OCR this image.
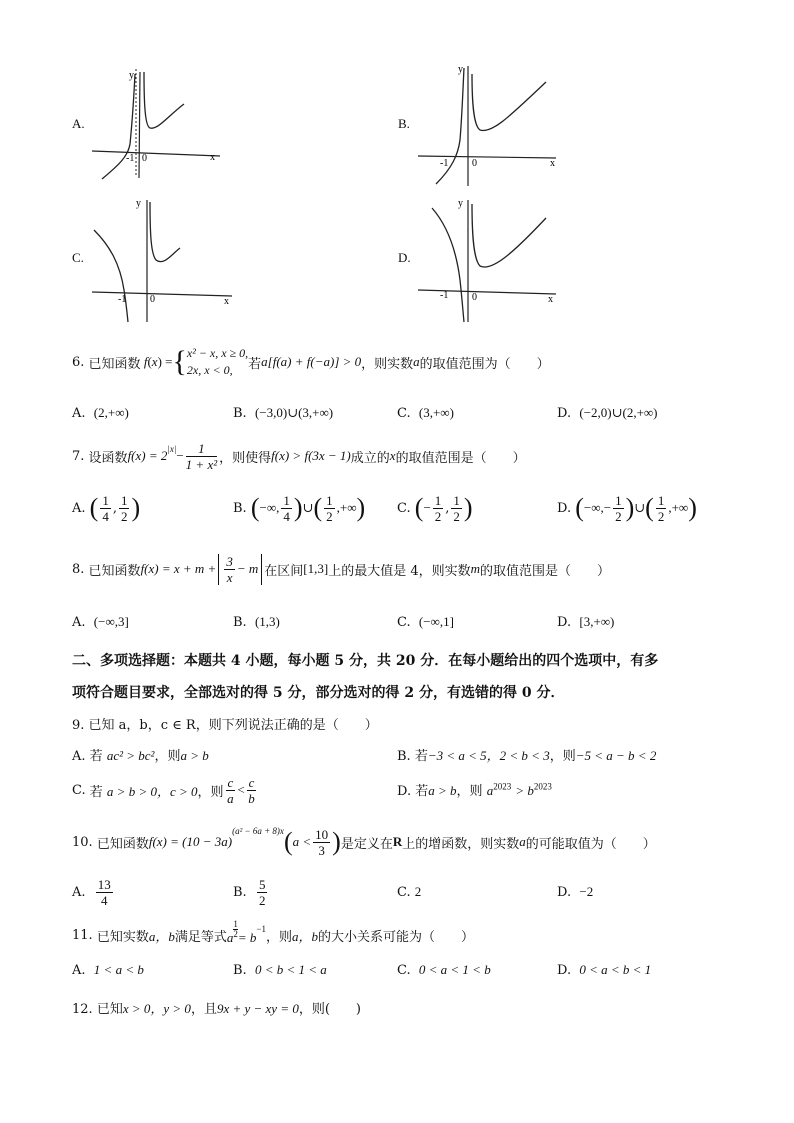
A.
y
x
-1 0
B.
y
x
-1 0
C.
y
x
-1 0
D.
y
x
-1 0
6.
已知函数 f ( x ) = { x² − x, x ≥ 0,
2x, x < 0,	若 a[f(a) + f(−a)] > 0 ，则实数 a 的取值范围为（　　）
A. (2,+∞)	B. (−3,0)∪(3,+∞)	C. (3,+∞)	D. (−2,0)∪(2,+∞)
7.
设函数 $f(x) = 2^{|x|} - \frac{1}{\text{1 + x²}}$ ，则使得 f(x) > f(3x − 1) 成立的 x 的取值范围是（　　）
A.
( $\frac{1}{4}$ , $\frac{1}{2}$ )	B.
( −∞, $\frac{1}{4}$ ) ∪ ( $\frac{1}{2}$ ,+∞ ) C.
( − $\frac{1}{2}$ , $\frac{1}{2}$ )	D.
( −∞,− $\frac{1}{2}$ ) ∪ ( $\frac{1}{2}$ ,+∞ )
8.
已知函数 $f(x) = x + m + \frac{3}{x} - m$ 在区间 [1,3] 上的最大值是 4，则实数 m 的取值范围是（　　）
A. (−∞,3]	B. (1,3)	C. (−∞,1]	D. [3,+∞)
二、多项选择题：本题共 4 小题，每小题 5 分，共 20 分．在每小题给出的四个选项中，有多
项符合题目要求，全部选对的得 5 分，部分选对的得 2 分，有选错的得 0 分．
9. 已知 a，b，c ∈ R，则下列说法正确的是（　　）
A. 若 ac² > bc²，则a > b	B. 若−3 < a < 5，2 < b < 3，则−5 < a − b < 2
C.
若
a > b > 0，c > 0 ，则 $\frac{c}{a} < \frac{c}{b}$	D. 若a > b，则 $a^{2023} > b^{2023}$
10.
已知函数 f(x) = (10 − 3a)
$^{(a^2 - 6a + 8)x}$ ( $a < \frac{10}{3}$ ) 是定义在 R 上的增函数，则实数 a 的可能取值为（　　）
A.
$\frac{13}{4}$	B.
$\frac{5}{2}$	C. 2	D. −2
11.
已知实数 a，b 满足等式 a $\frac{1}{2} = b$
$^{-1}$
，则 a，b 的大小关系可能为（　　）
A. 1 < a < b	B. 0 < b < 1 < a	C. 0 < a < 1 < b	D. 0 < a < b < 1
12. 已知x > 0，y > 0，且9x + y − xy = 0，则(　　)
